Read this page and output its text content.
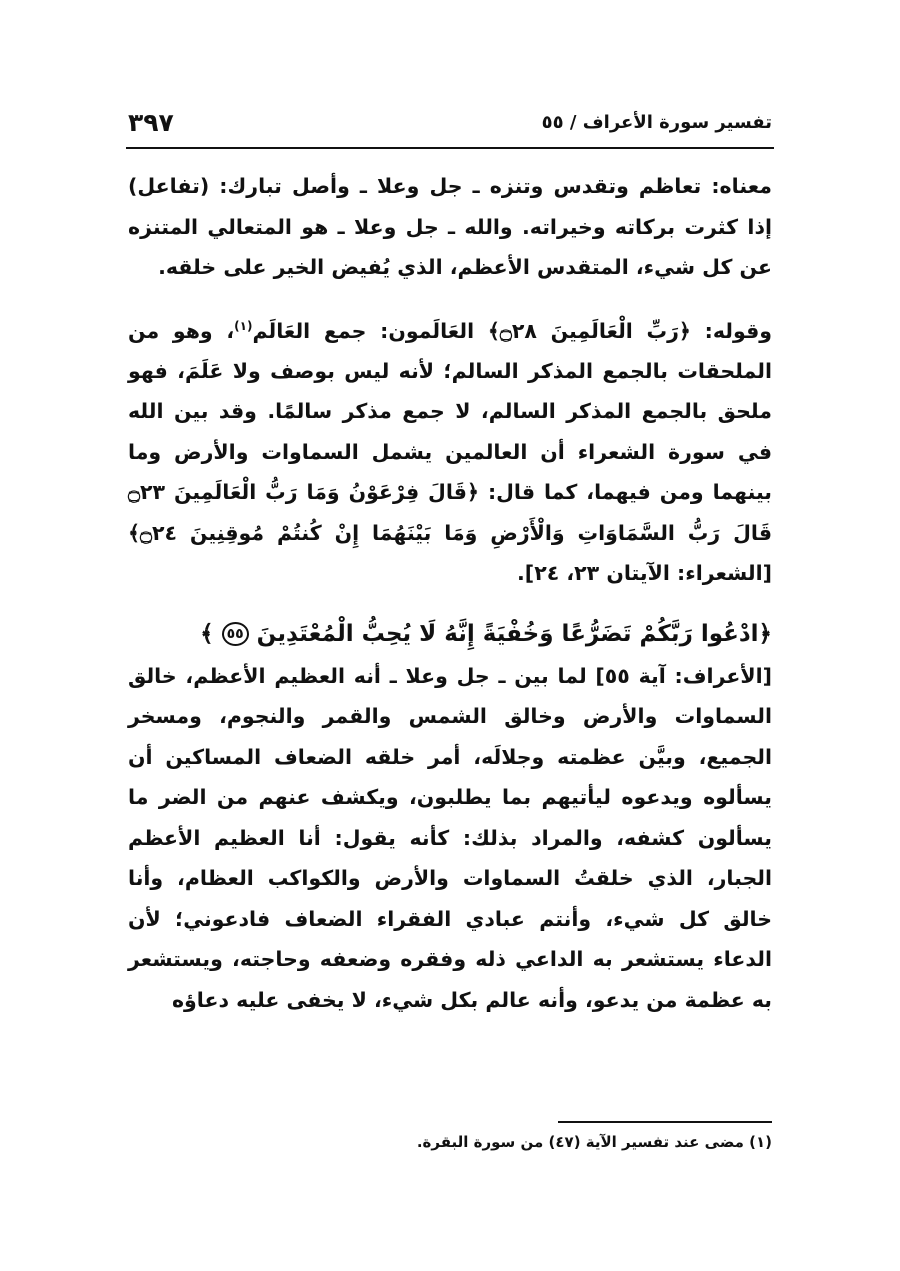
تفسير سورة الأعراف / ٥٥
٣٩٧

معناه: تعاظم وتقدس وتنزه ـ جل وعلا ـ وأصل تبارك: (تفاعل) إذا كثرت بركاته وخيراته. والله ـ جل وعلا ـ هو المتعالي المتنزه عن كل شيء، المتقدس الأعظم، الذي يُفيض الخير على خلقه.

وقوله: ﴿رَبِّ الْعَالَمِينَ ۝٢٨﴾ العَالَمون: جمع العَالَم$^{(١)}$، وهو من الملحقات بالجمع المذكر السالم؛ لأنه ليس بوصف ولا عَلَمَ، فهو ملحق بالجمع المذكر السالم، لا جمع مذكر سالمًا. وقد بين الله في سورة الشعراء أن العالمين يشمل السماوات والأرض وما بينهما ومن فيهما، كما قال: ﴿قَالَ فِرْعَوْنُ وَمَا رَبُّ الْعَالَمِينَ ۝٢٣ قَالَ رَبُّ السَّمَاوَاتِ وَالْأَرْضِ وَمَا بَيْنَهُمَا إِنْ كُنتُمْ مُوقِنِينَ ۝٢٤﴾ [الشعراء: الآيتان ٢٣، ٢٤].

﴿ادْعُوا رَبَّكُمْ تَضَرُّعًا وَخُفْيَةً إِنَّهُ لَا يُحِبُّ الْمُعْتَدِينَ ٥٥ ﴾

[الأعراف: آية ٥٥] لما بين ـ جل وعلا ـ أنه العظيم الأعظم، خالق السماوات والأرض وخالق الشمس والقمر والنجوم، ومسخر الجميع، وبيَّن عظمته وجلالَه، أمر خلقه الضعاف المساكين أن يسألوه ويدعوه ليأتيهم بما يطلبون، ويكشف عنهم من الضر ما يسألون كشفه، والمراد بذلك: كأنه يقول: أنا العظيم الأعظم الجبار، الذي خلقتُ السماوات والأرض والكواكب العظام، وأنا خالق كل شيء، وأنتم عبادي الفقراء الضعاف فادعوني؛ لأن الدعاء يستشعر به الداعي ذله وفقره وضعفه وحاجته، ويستشعر به عظمة من يدعو، وأنه عالم بكل شيء، لا يخفى عليه دعاؤه

(١) مضى عند تفسير الآية (٤٧) من سورة البقرة.
